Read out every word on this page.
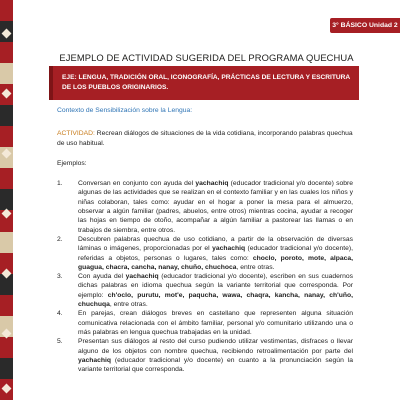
3° BÁSICO Unidad 2
EJEMPLO DE ACTIVIDAD SUGERIDA DEL PROGRAMA QUECHUA
EJE: LENGUA, TRADICIÓN ORAL, ICONOGRAFÍA, PRÁCTICAS DE LECTURA Y ESCRITURA DE LOS PUEBLOS ORIGINARIOS.
Contexto de Sensibilización sobre la Lengua:
ACTIVIDAD: Recrean diálogos de situaciones de la vida cotidiana, incorporando palabras quechua de uso habitual.
Ejemplos:
1. Conversan en conjunto con ayuda del yachachiq (educador tradicional y/o docente) sobre algunas de las actividades que se realizan en el contexto familiar y en las cuales los niños y niñas colaboran, tales como: ayudar en el hogar a poner la mesa para el almuerzo, observar a algún familiar (padres, abuelos, entre otros) mientras cocina, ayudar a recoger las hojas en tiempo de otoño, acompañar a algún familiar a pastorear las llamas o en trabajos de siembra, entre otros.
2. Descubren palabras quechua de uso cotidiano, a partir de la observación de diversas láminas o imágenes, proporcionadas por el yachachiq (educador tradicional y/o docente), referidas a objetos, personas o lugares, tales como: choclo, poroto, mote, alpaca, guagua, chacra, cancha, nanay, chuño, chuchoca, entre otras.
3. Con ayuda del yachachiq (educador tradicional y/o docente), escriben en sus cuadernos dichas palabras en idioma quechua según la variante territorial que corresponda. Por ejemplo: ch'oclo, purutu, mot'e, paqucha, wawa, chaqra, kancha, nanay, ch'uño, chuchuqa, entre otras.
4. En parejas, crean diálogos breves en castellano que representen alguna situación comunicativa relacionada con el ámbito familiar, personal y/o comunitario utilizando una o más palabras en lengua quechua trabajadas en la unidad.
5. Presentan sus diálogos al resto del curso pudiendo utilizar vestimentas, disfraces o llevar alguno de los objetos con nombre quechua, recibiendo retroalimentación por parte del yachachiq (educador tradicional y/o docente) en cuanto a la pronunciación según la variante territorial que corresponda.
